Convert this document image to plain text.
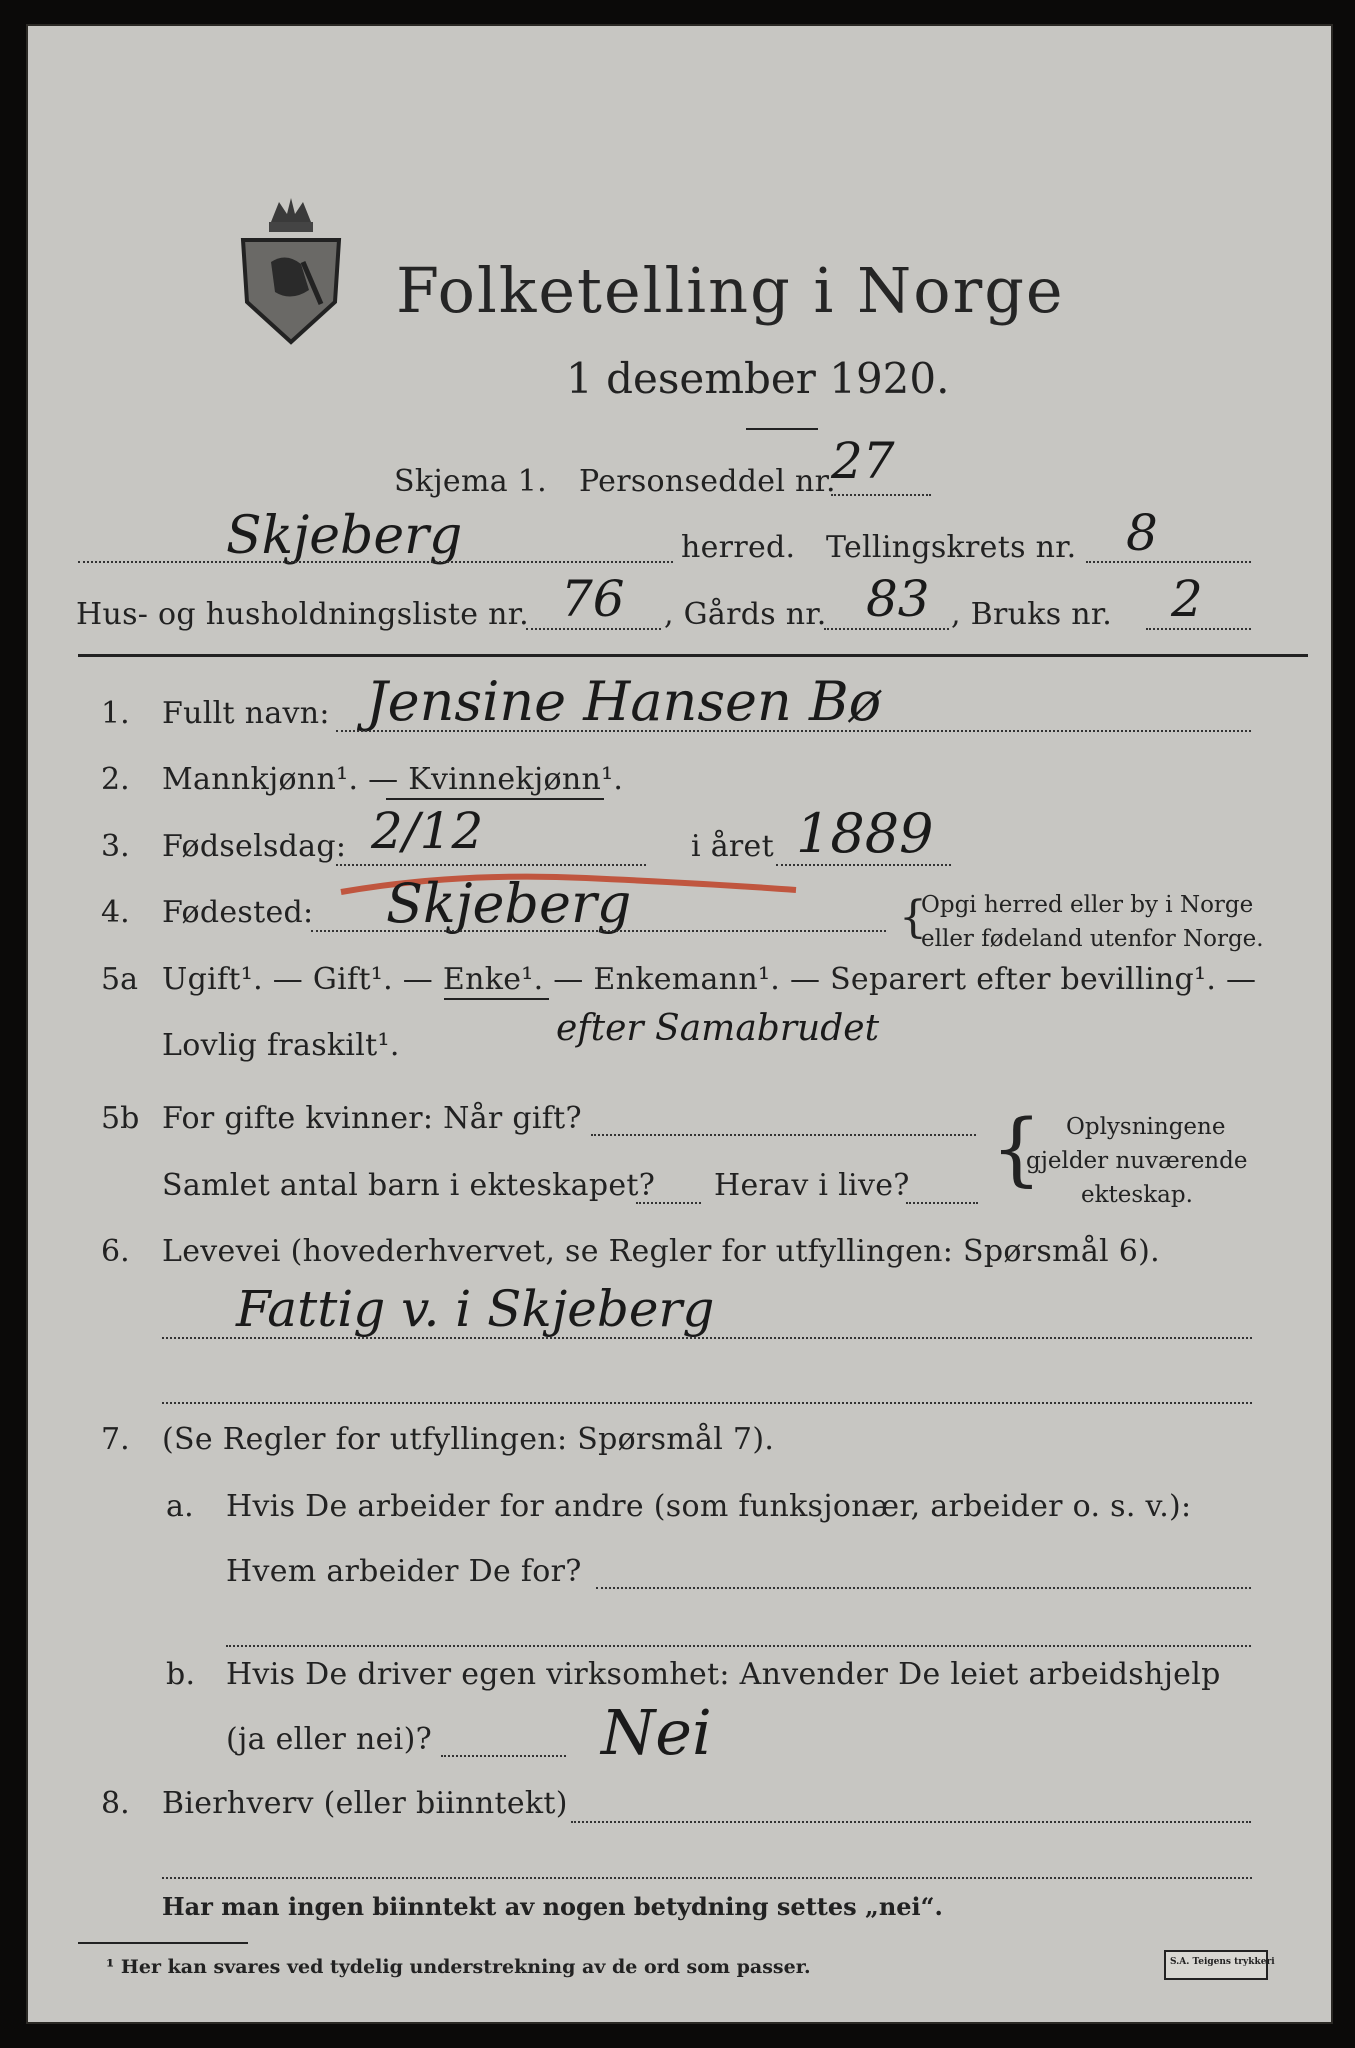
Folketelling i Norge
1 desember 1920.
Skjema 1. Personseddel nr.
27
Skjeberg	herred. Tellingskrets nr. 8
Hus- og husholdningsliste nr. 76 , Gårds nr. 83 , Bruks nr. 2
1. Fullt navn: Jensine Hansen Bø
2. Mannkjønn¹. — Kvinnekjønn¹.
3. Fødselsdag: 2/12	i året 1889
4. Fødested: Skjeberg	{
Opgi herred eller by i Norge
eller fødeland utenfor Norge.
5a Ugift¹. — Gift¹. — Enke¹. — Enkemann¹. — Separert efter bevilling¹. —
Lovlig fraskilt¹.	efter Samabrudet
5b For gifte kvinner: Når gift?
Samlet antal barn i ekteskapet? Herav i live? { Oplysningene
gjelder nuværende
ekteskap.
6. Levevei (hovederhvervet, se Regler for utfyllingen: Spørsmål 6).
Fattig v. i Skjeberg
7. (Se Regler for utfyllingen: Spørsmål 7).
a. Hvis De arbeider for andre (som funksjonær, arbeider o. s. v.):
Hvem arbeider De for?
b. Hvis De driver egen virksomhet: Anvender De leiet arbeidshjelp
(ja eller nei)?	Nei
8. Bierhverv (eller biinntekt)
Har man ingen biinntekt av nogen betydning settes „nei“.
¹ Her kan svares ved tydelig understrekning av de ord som passer.	S.A. Teigens trykkeri
